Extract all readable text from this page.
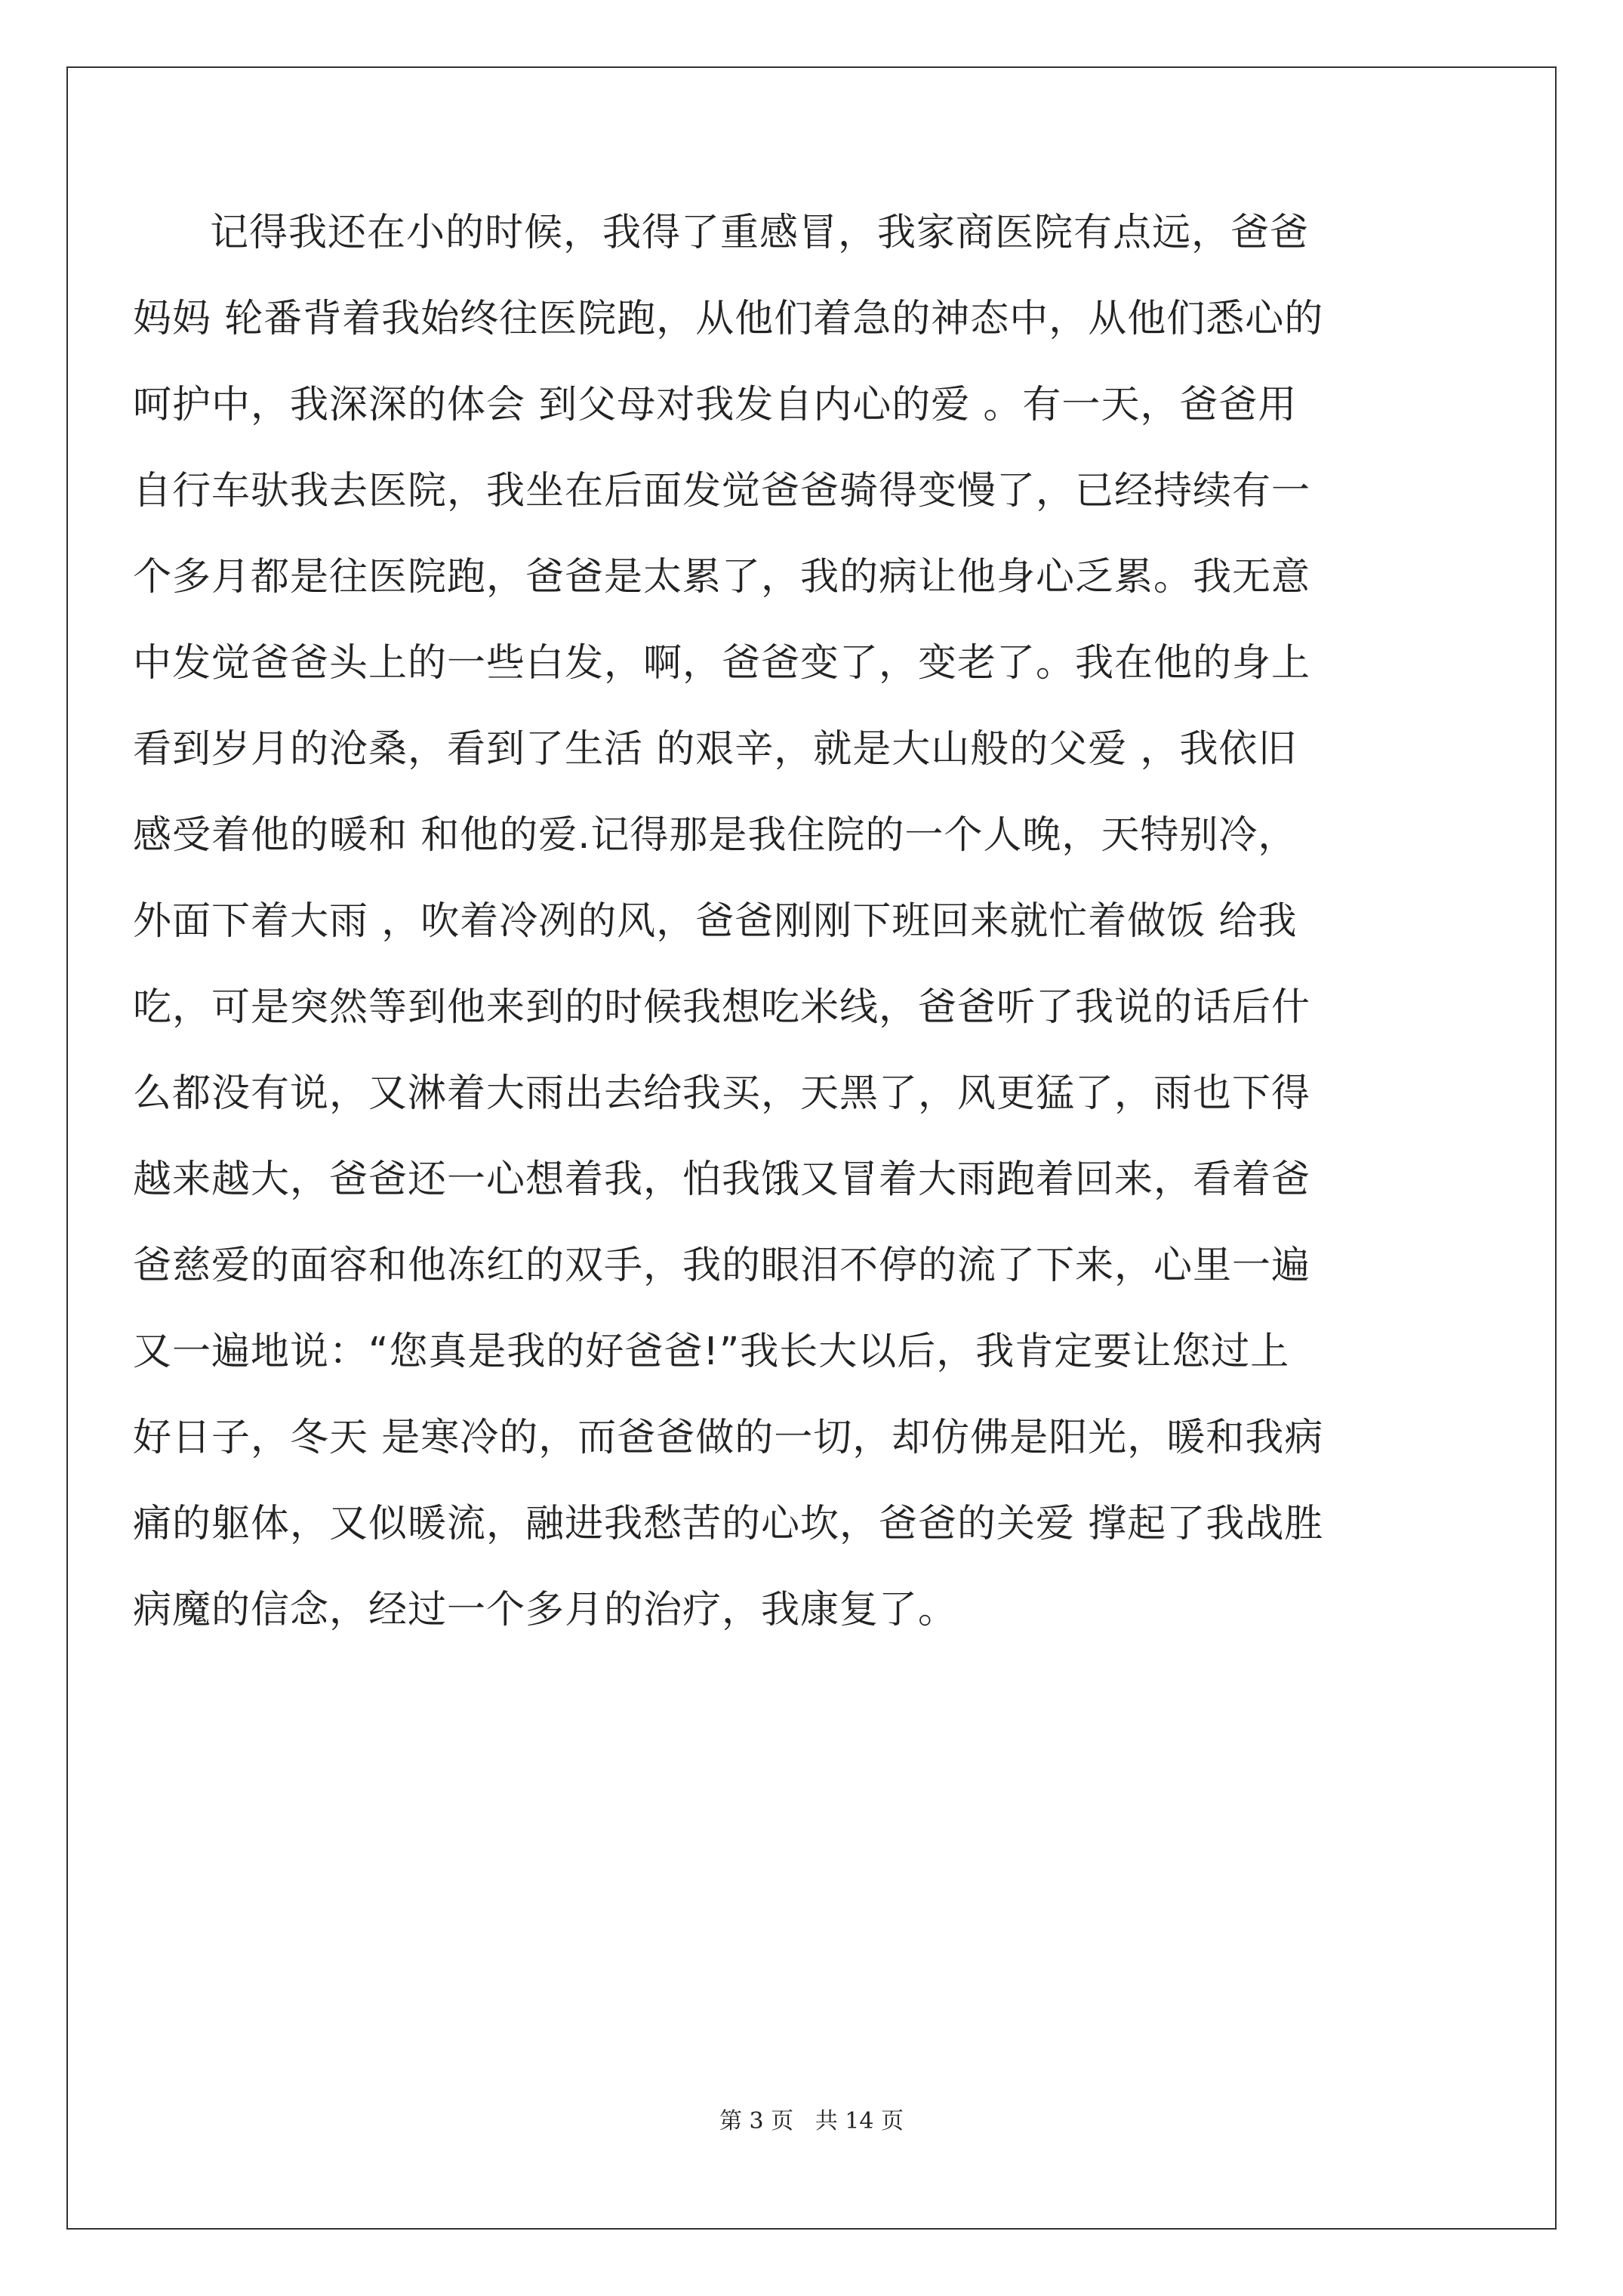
记得我还在小的时候，我得了重感冒，我家商医院有点远，爸爸
妈妈 轮番背着我始终往医院跑，从他们着急的神态中，从他们悉心的
呵护中，我深深的体会 到父母对我发自内心的爱 。有一天，爸爸用
自行车驮我去医院，我坐在后面发觉爸爸骑得变慢了，已经持续有一
个多月都是往医院跑，爸爸是太累了，我的病让他身心乏累。我无意
中发觉爸爸头上的一些白发，啊，爸爸变了，变老了。我在他的身上
看到岁月的沧桑，看到了生活 的艰辛，就是大山般的父爱 ，我依旧
感受着他的暖和 和他的爱.记得那是我住院的一个人晚，天特别冷，
外面下着大雨 ，吹着冷冽的风，爸爸刚刚下班回来就忙着做饭 给我
吃，可是突然等到他来到的时候我想吃米线，爸爸听了我说的话后什
么都没有说，又淋着大雨出去给我买，天黑了，风更猛了，雨也下得
越来越大，爸爸还一心想着我，怕我饿又冒着大雨跑着回来，看着爸
爸慈爱的面容和他冻红的双手，我的眼泪不停的流了下来，心里一遍
又一遍地说：“您真是我的好爸爸!”我长大以后，我肯定要让您过上
好日子，冬天 是寒冷的，而爸爸做的一切，却仿佛是阳光，暖和我病
痛的躯体，又似暖流，融进我愁苦的心坎，爸爸的关爱 撑起了我战胜
病魔的信念，经过一个多月的治疗，我康复了。
第 3 页   共 14 页
